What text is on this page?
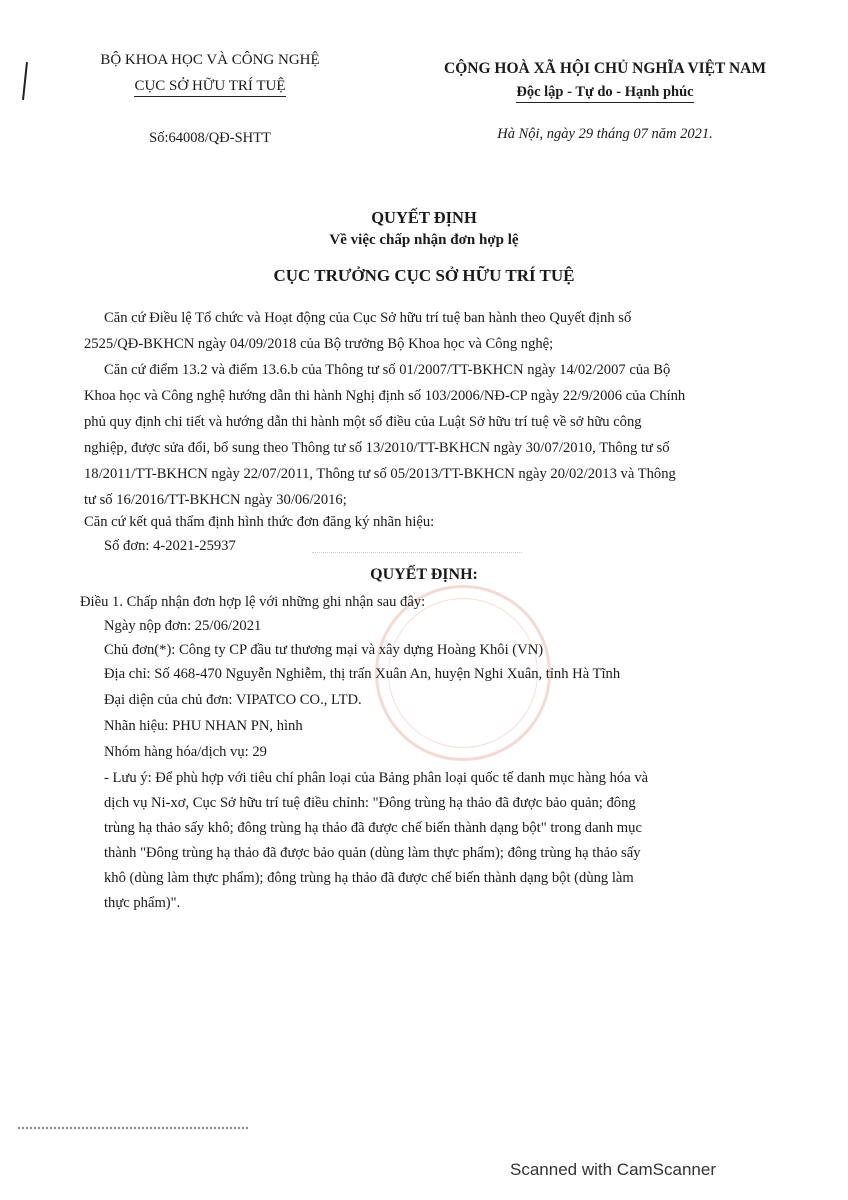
BỘ KHOA HỌC VÀ CÔNG NGHỆ
CỤC SỞ HỮU TRÍ TUỆ
Số:64008/QĐ-SHTT
CỘNG HOÀ XÃ HỘI CHỦ NGHĨA VIỆT NAM
Độc lập - Tự do - Hạnh phúc
Hà Nội, ngày 29 tháng 07 năm 2021.
QUYẾT ĐỊNH
Về việc chấp nhận đơn hợp lệ
CỤC TRƯỞNG CỤC SỞ HỮU TRÍ TUỆ
Căn cứ Điều lệ Tổ chức và Hoạt động của Cục Sở hữu trí tuệ ban hành theo Quyết định số
2525/QĐ-BKHCN ngày 04/09/2018 của Bộ trưởng Bộ Khoa học và Công nghệ;
Căn cứ điểm 13.2 và điểm 13.6.b của Thông tư số 01/2007/TT-BKHCN ngày 14/02/2007 của Bộ
Khoa học và Công nghệ hướng dẫn thi hành Nghị định số 103/2006/NĐ-CP ngày 22/9/2006 của Chính
phủ quy định chi tiết và hướng dẫn thi hành một số điều của Luật Sở hữu trí tuệ về sở hữu công
nghiệp, được sửa đổi, bổ sung theo Thông tư số 13/2010/TT-BKHCN ngày 30/07/2010, Thông tư số
18/2011/TT-BKHCN ngày 22/07/2011, Thông tư số 05/2013/TT-BKHCN ngày 20/02/2013 và Thông
tư số 16/2016/TT-BKHCN ngày 30/06/2016;
Căn cứ kết quả thẩm định hình thức đơn đăng ký nhãn hiệu:
Số đơn: 4-2021-25937
QUYẾT ĐỊNH:
Điều 1. Chấp nhận đơn hợp lệ với những ghi nhận sau đây:
Ngày nộp đơn: 25/06/2021
Chủ đơn(*): Công ty CP đầu tư thương mại và xây dựng Hoàng Khôi (VN)
Địa chỉ: Số 468-470 Nguyễn Nghiễm, thị trấn Xuân An, huyện Nghi Xuân, tỉnh Hà Tĩnh
Đại diện của chủ đơn: VIPATCO CO., LTD.
Nhãn hiệu: PHU NHAN PN, hình
Nhóm hàng hóa/dịch vụ: 29
- Lưu ý: Để phù hợp với tiêu chí phân loại của Bảng phân loại quốc tế danh mục hàng hóa và
dịch vụ Ni-xơ, Cục Sở hữu trí tuệ điều chỉnh: "Đông trùng hạ thảo đã được bảo quản; đông
trùng hạ thảo sấy khô; đông trùng hạ thảo đã được chế biến thành dạng bột" trong danh mục
thành "Đông trùng hạ thảo đã được bảo quản (dùng làm thực phẩm); đông trùng hạ thảo sấy
khô (dùng làm thực phẩm); đông trùng hạ thảo đã được chế biến thành dạng bột (dùng làm
thực phẩm)".
Scanned with CamScanner
